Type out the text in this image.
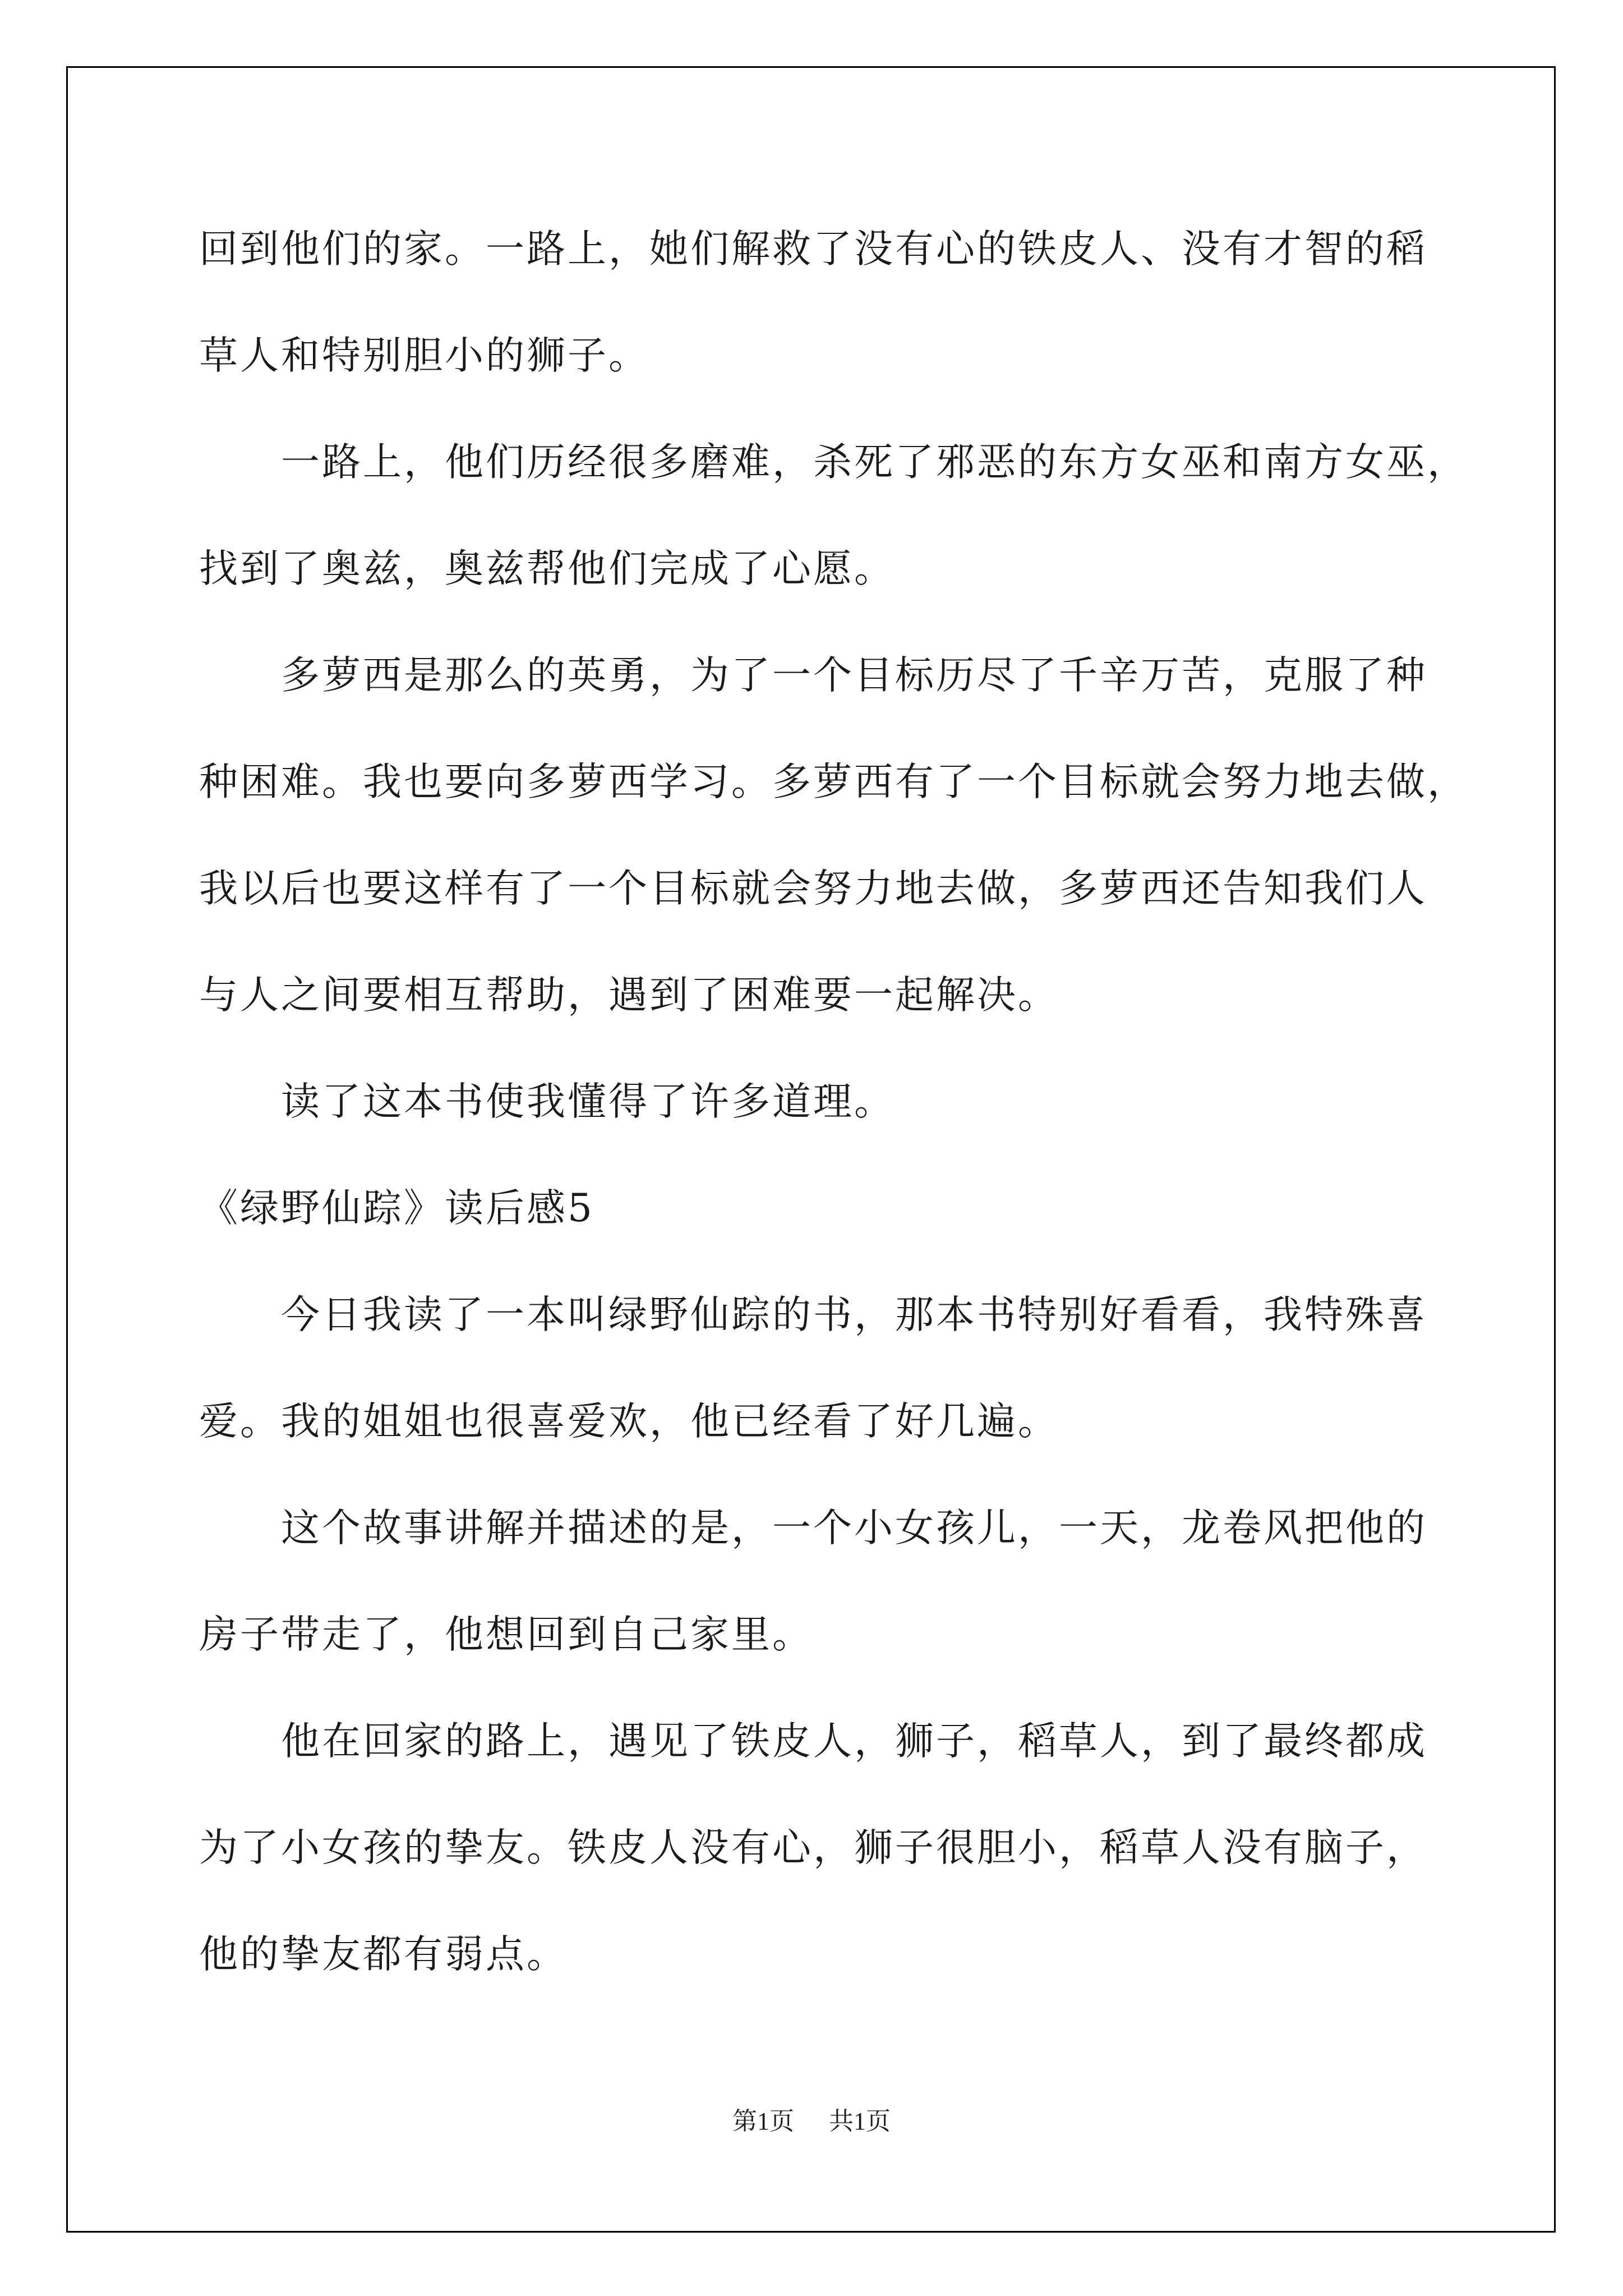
回到他们的家。一路上，她们解救了没有心的铁皮人、没有才智的稻
草人和特别胆小的狮子。
一路上，他们历经很多磨难，杀死了邪恶的东方女巫和南方女巫，
找到了奥兹，奥兹帮他们完成了心愿。
多萝西是那么的英勇，为了一个目标历尽了千辛万苦，克服了种
种困难。我也要向多萝西学习。多萝西有了一个目标就会努力地去做，
我以后也要这样有了一个目标就会努力地去做，多萝西还告知我们人
与人之间要相互帮助，遇到了困难要一起解决。
读了这本书使我懂得了许多道理。
《绿野仙踪》读后感5
今日我读了一本叫绿野仙踪的书，那本书特别好看看，我特殊喜
爱。我的姐姐也很喜爱欢，他已经看了好几遍。
这个故事讲解并描述的是，一个小女孩儿，一天，龙卷风把他的
房子带走了，他想回到自己家里。
他在回家的路上，遇见了铁皮人，狮子，稻草人，到了最终都成
为了小女孩的挚友。铁皮人没有心，狮子很胆小，稻草人没有脑子，
他的挚友都有弱点。
第1页 共1页
